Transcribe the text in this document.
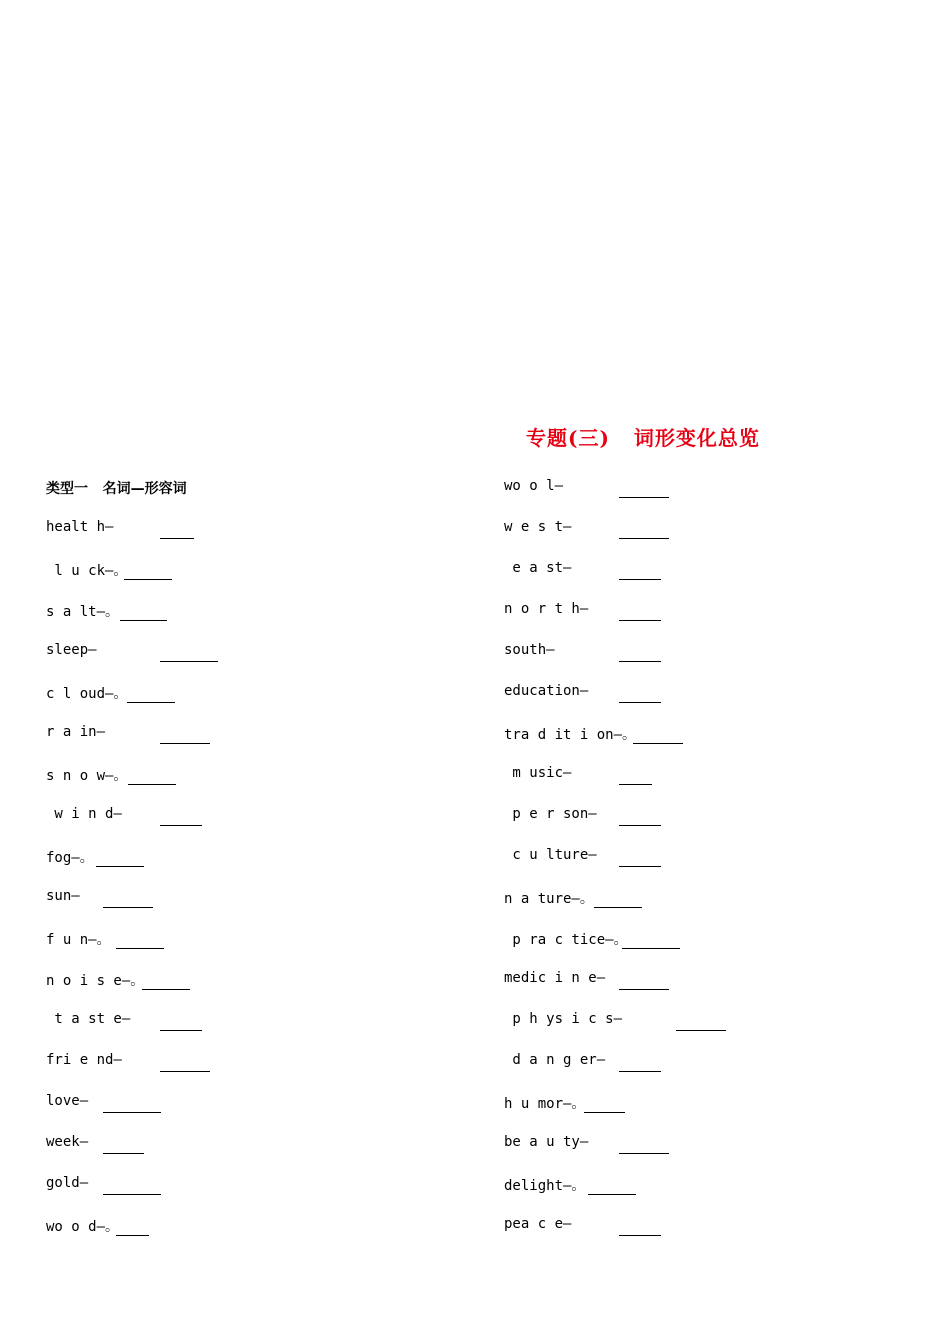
专题(三)   词形变化总览
类型一   名词—形容词
healt h—
l u ck—。
s a lt—。
sleep—
c l oud—。
r a in—
s n o w—。
w i n d—
fog—。
sun—
f u n—。
n o i s e—。
t a st e—
fri e nd—
love—
week—
gold—
wo o d—。
wo o l—
w e s t—
e a st—
n o r t h—
south—
education—
tra d it i on—。
m usic—
p e r son—
c u lture—
n a ture—。
p ra c tice—。
medic i n e—
p h ys i c s—
d a n g er—
h u mor—。
be a u ty—
delight—。
pea c e—
